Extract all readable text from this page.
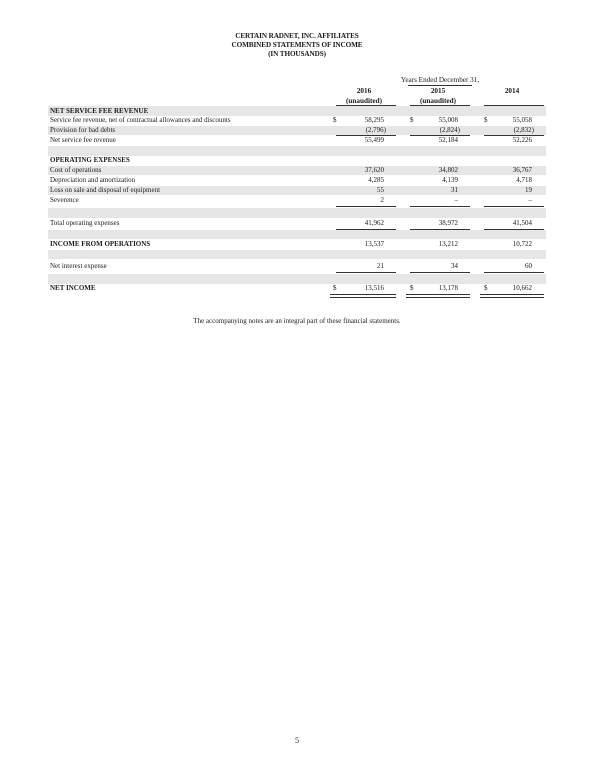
CERTAIN RADNET, INC. AFFILIATES
COMBINED STATEMENTS OF INCOME
(IN THOUSANDS)
Years Ended December 31,
2016	2015	2014
(unaudited)	(unaudited)
NET SERVICE FEE REVENUE
Service fee revenue, net of contractual allowances and discounts	$	58,295	$	55,008	$	55,058
Provision for bad debts	(2,796)	(2,824)	(2,832)
Net service fee revenue	55,499	52,184	52,226
OPERATING EXPENSES
Cost of operations	37,620	34,802	36,767
Depreciation and amortization	4,285	4,139	4,718
Loss on sale and disposal of equipment	55	31	19
Severence	2	–	–
Total operating expenses	41,962	38,972	41,504
INCOME FROM OPERATIONS	13,537	13,212	10,722
Net interest expense	21	34	60
NET INCOME	$	13,516	$	13,178	$	10,662
The accompanying notes are an integral part of these financial statements.
5
